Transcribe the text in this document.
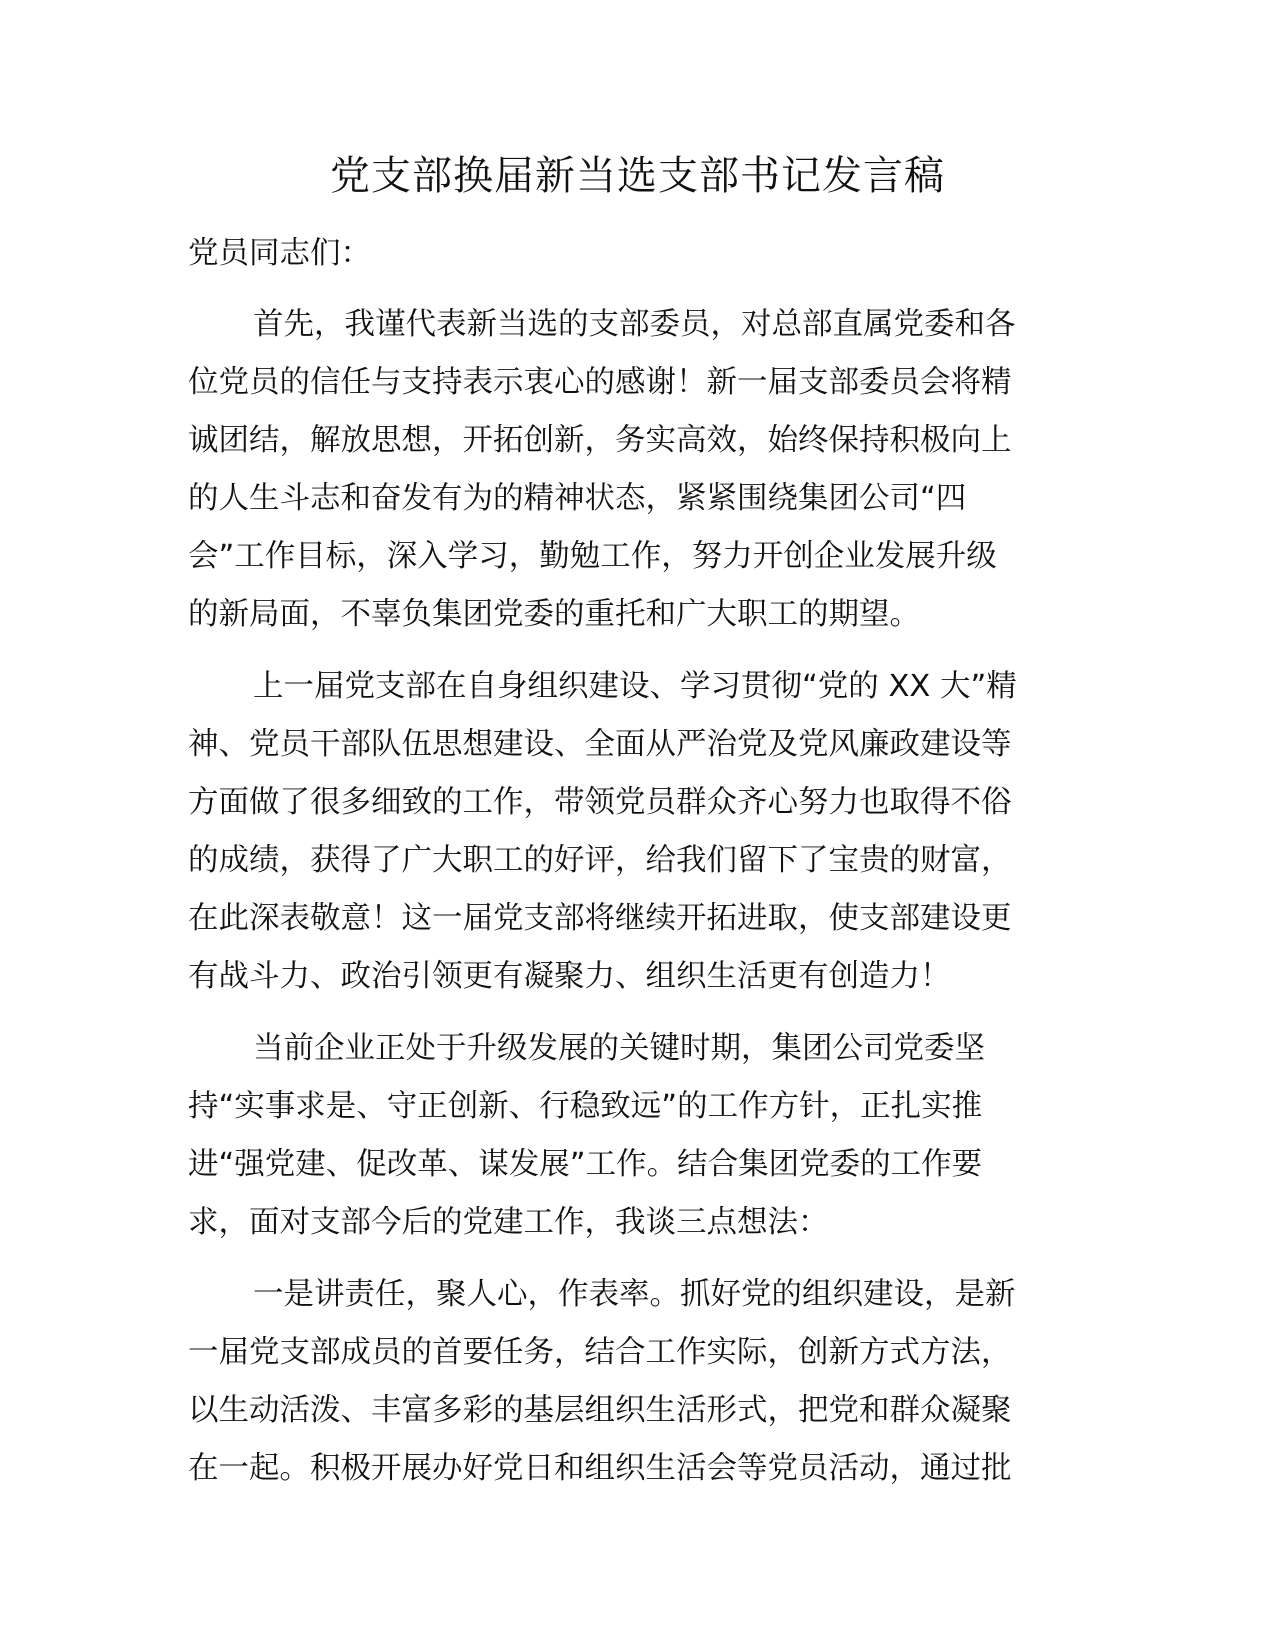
党支部换届新当选支部书记发言稿

党员同志们：

首先，我谨代表新当选的支部委员，对总部直属党委和各
位党员的信任与支持表示衷心的感谢！新一届支部委员会将精
诚团结，解放思想，开拓创新，务实高效，始终保持积极向上
的人生斗志和奋发有为的精神状态，紧紧围绕集团公司“四
会”工作目标，深入学习，勤勉工作，努力开创企业发展升级
的新局面，不辜负集团党委的重托和广大职工的期望。

上一届党支部在自身组织建设、学习贯彻“党的 XX 大”精
神、党员干部队伍思想建设、全面从严治党及党风廉政建设等
方面做了很多细致的工作，带领党员群众齐心努力也取得不俗
的成绩，获得了广大职工的好评，给我们留下了宝贵的财富，
在此深表敬意！这一届党支部将继续开拓进取，使支部建设更
有战斗力、政治引领更有凝聚力、组织生活更有创造力！

当前企业正处于升级发展的关键时期，集团公司党委坚
持“实事求是、守正创新、行稳致远”的工作方针，正扎实推
进“强党建、促改革、谋发展”工作。结合集团党委的工作要
求，面对支部今后的党建工作，我谈三点想法：

一是讲责任，聚人心，作表率。抓好党的组织建设，是新
一届党支部成员的首要任务，结合工作实际，创新方式方法，
以生动活泼、丰富多彩的基层组织生活形式，把党和群众凝聚
在一起。积极开展办好党日和组织生活会等党员活动，通过批
